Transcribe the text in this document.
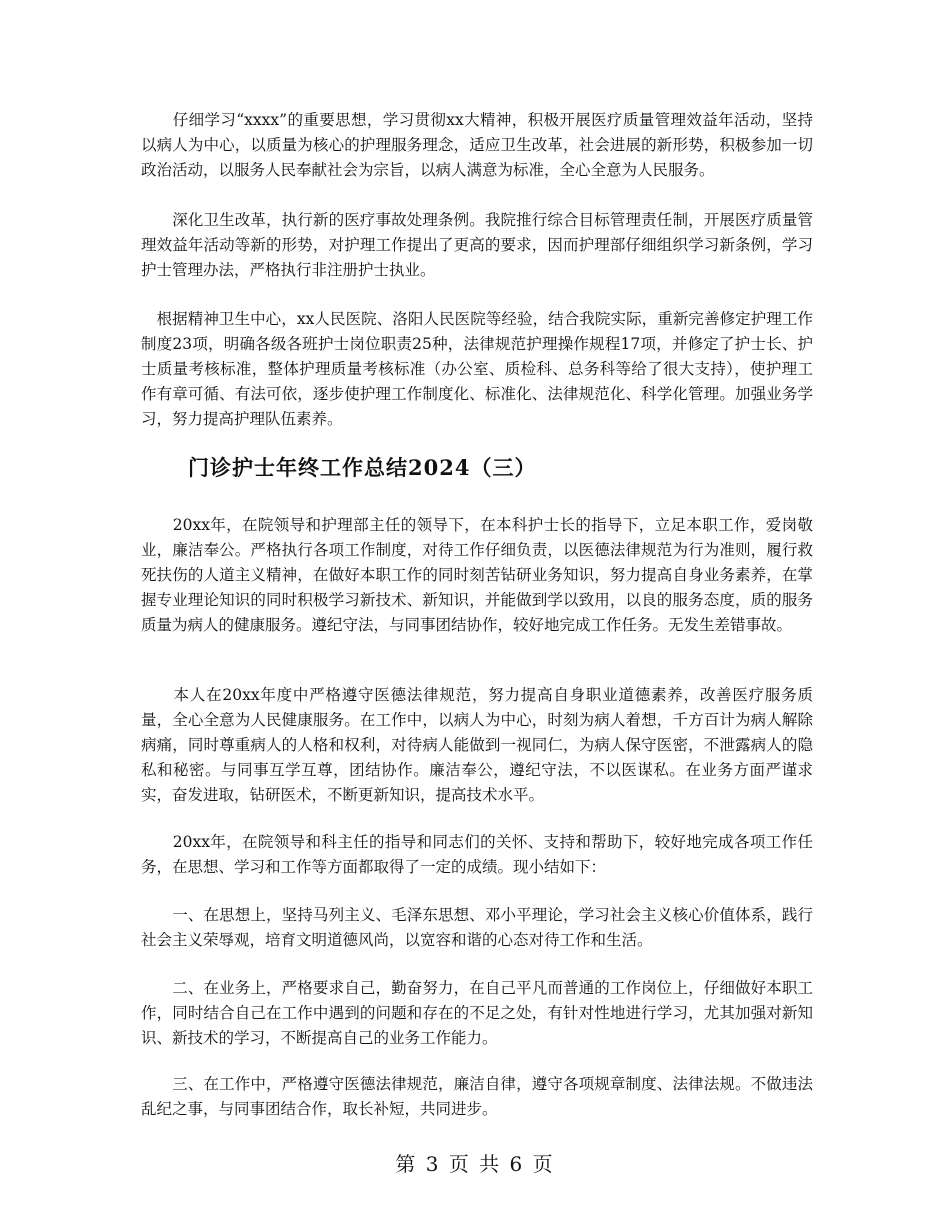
　　仔细学习“xxxx”的重要思想，学习贯彻xx大精神，积极开展医疗质量管理效益年活动，坚持以病人为中心，以质量为核心的护理服务理念，适应卫生改革，社会进展的新形势，积极参加一切政治活动，以服务人民奉献社会为宗旨，以病人满意为标准，全心全意为人民服务。

　　深化卫生改革，执行新的医疗事故处理条例。我院推行综合目标管理责任制，开展医疗质量管理效益年活动等新的形势，对护理工作提出了更高的要求，因而护理部仔细组织学习新条例，学习护士管理办法，严格执行非注册护士执业。

　根据精神卫生中心，xx人民医院、洛阳人民医院等经验，结合我院实际，重新完善修定护理工作制度23项，明确各级各班护士岗位职责25种，法律规范护理操作规程17项，并修定了护士长、护士质量考核标准，整体护理质量考核标准（办公室、质检科、总务科等给了很大支持），使护理工作有章可循、有法可依，逐步使护理工作制度化、标准化、法律规范化、科学化管理。加强业务学习，努力提高护理队伍素养。

门诊护士年终工作总结2024（三）

　　20xx年，在院领导和护理部主任的领导下，在本科护士长的指导下，立足本职工作，爱岗敬业，廉洁奉公。严格执行各项工作制度，对待工作仔细负责，以医德法律规范为行为准则，履行救死扶伤的人道主义精神，在做好本职工作的同时刻苦钻研业务知识，努力提高自身业务素养，在掌握专业理论知识的同时积极学习新技术、新知识，并能做到学以致用，以良的服务态度，质的服务质量为病人的健康服务。遵纪守法，与同事团结协作，较好地完成工作任务。无发生差错事故。

　　本人在20xx年度中严格遵守医德法律规范，努力提高自身职业道德素养，改善医疗服务质量，全心全意为人民健康服务。在工作中，以病人为中心，时刻为病人着想，千方百计为病人解除病痛，同时尊重病人的人格和权利，对待病人能做到一视同仁，为病人保守医密，不泄露病人的隐私和秘密。与同事互学互尊，团结协作。廉洁奉公，遵纪守法，不以医谋私。在业务方面严谨求实，奋发进取，钻研医术，不断更新知识，提高技术水平。

　　20xx年，在院领导和科主任的指导和同志们的关怀、支持和帮助下，较好地完成各项工作任务，在思想、学习和工作等方面都取得了一定的成绩。现小结如下：

　　一、在思想上，坚持马列主义、毛泽东思想、邓小平理论，学习社会主义核心价值体系，践行社会主义荣辱观，培育文明道德风尚，以宽容和谐的心态对待工作和生活。

　　二、在业务上，严格要求自己，勤奋努力，在自己平凡而普通的工作岗位上，仔细做好本职工作，同时结合自己在工作中遇到的问题和存在的不足之处，有针对性地进行学习，尤其加强对新知识、新技术的学习，不断提高自己的业务工作能力。

　　三、在工作中，严格遵守医德法律规范，廉洁自律，遵守各项规章制度、法律法规。不做违法乱纪之事，与同事团结合作，取长补短，共同进步。

第 3 页 共 6 页
